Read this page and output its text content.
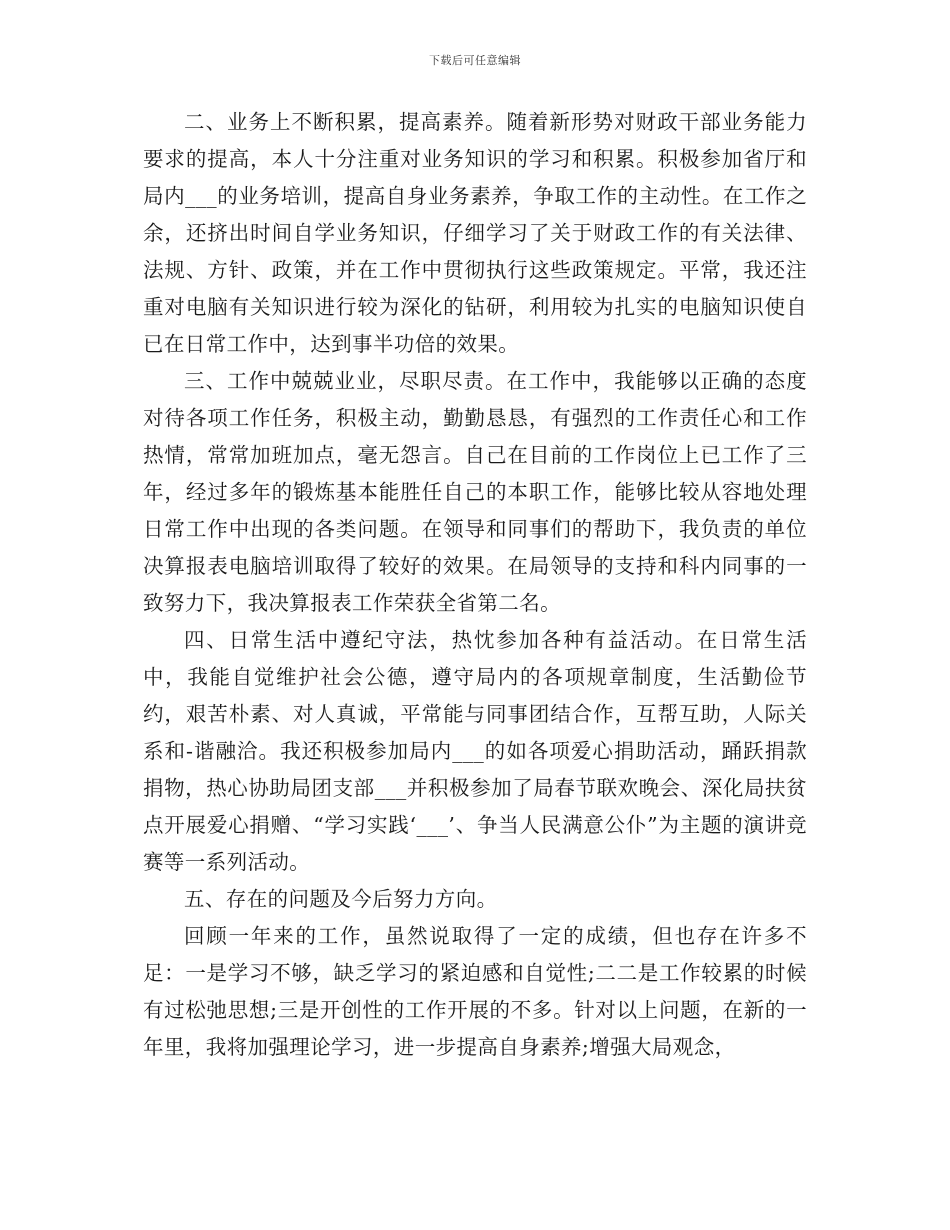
下载后可任意编辑

二、业务上不断积累，提高素养。随着新形势对财政干部业务能力要求的提高，本人十分注重对业务知识的学习和积累。积极参加省厅和局内___的业务培训，提高自身业务素养，争取工作的主动性。在工作之余，还挤出时间自学业务知识，仔细学习了关于财政工作的有关法律、法规、方针、政策，并在工作中贯彻执行这些政策规定。平常，我还注重对电脑有关知识进行较为深化的钻研，利用较为扎实的电脑知识使自已在日常工作中，达到事半功倍的效果。

三、工作中兢兢业业，尽职尽责。在工作中，我能够以正确的态度对待各项工作任务，积极主动，勤勤恳恳，有强烈的工作责任心和工作热情，常常加班加点，毫无怨言。自己在目前的工作岗位上已工作了三年，经过多年的锻炼基本能胜任自己的本职工作，能够比较从容地处理日常工作中出现的各类问题。在领导和同事们的帮助下，我负责的单位决算报表电脑培训取得了较好的效果。在局领导的支持和科内同事的一致努力下，我决算报表工作荣获全省第二名。

四、日常生活中遵纪守法，热忱参加各种有益活动。在日常生活中，我能自觉维护社会公德，遵守局内的各项规章制度，生活勤俭节约，艰苦朴素、对人真诚，平常能与同事团结合作，互帮互助，人际关系和-谐融洽。我还积极参加局内___的如各项爱心捐助活动，踊跃捐款捐物，热心协助局团支部___并积极参加了局春节联欢晚会、深化局扶贫点开展爱心捐赠、“学习实践‘___’、争当人民满意公仆”为主题的演讲竞赛等一系列活动。

五、存在的问题及今后努力方向。

回顾一年来的工作，虽然说取得了一定的成绩，但也存在许多不足：一是学习不够，缺乏学习的紧迫感和自觉性;二二是工作较累的时候有过松弛思想;三是开创性的工作开展的不多。针对以上问题，在新的一年里，我将加强理论学习，进一步提高自身素养;增强大局观念，
